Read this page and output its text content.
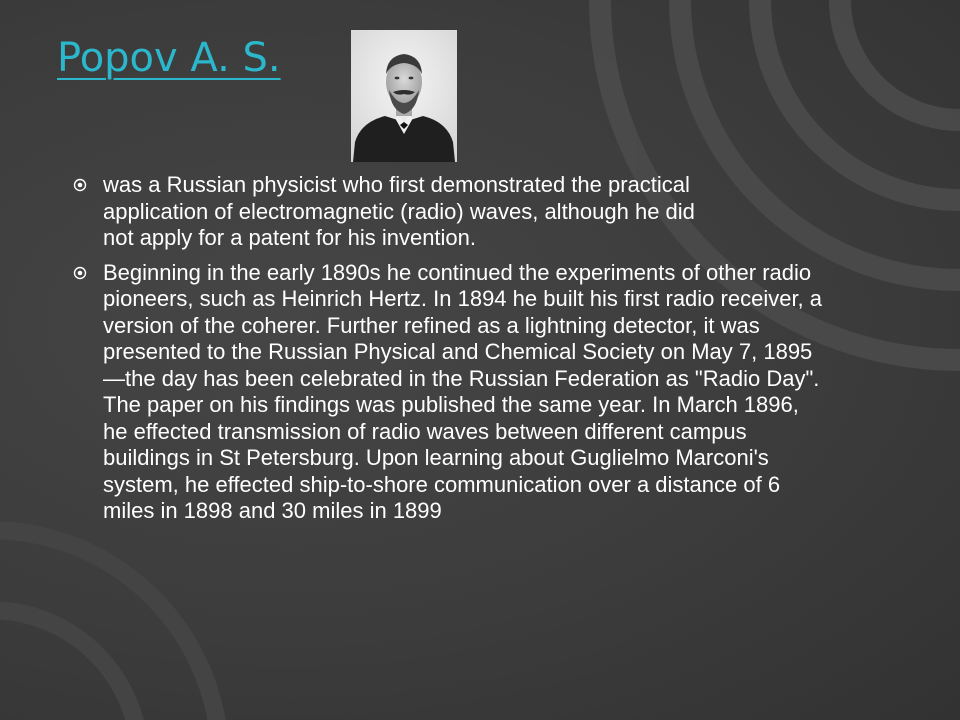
Popov A. S.
was a Russian physicist who first demonstrated the practical application of electromagnetic (radio) waves, although he did not apply for a patent for his invention.
Beginning in the early 1890s he continued the experiments of other radio pioneers, such as Heinrich Hertz. In 1894 he built his first radio receiver, a version of the coherer. Further refined as a lightning detector, it was presented to the Russian Physical and Chemical Society on May 7, 1895—the day has been celebrated in the Russian Federation as "Radio Day". The paper on his findings was published the same year. In March 1896, he effected transmission of radio waves between different campus buildings in St Petersburg. Upon learning about Guglielmo Marconi's system, he effected ship-to-shore communication over a distance of 6 miles in 1898 and 30 miles in 1899
